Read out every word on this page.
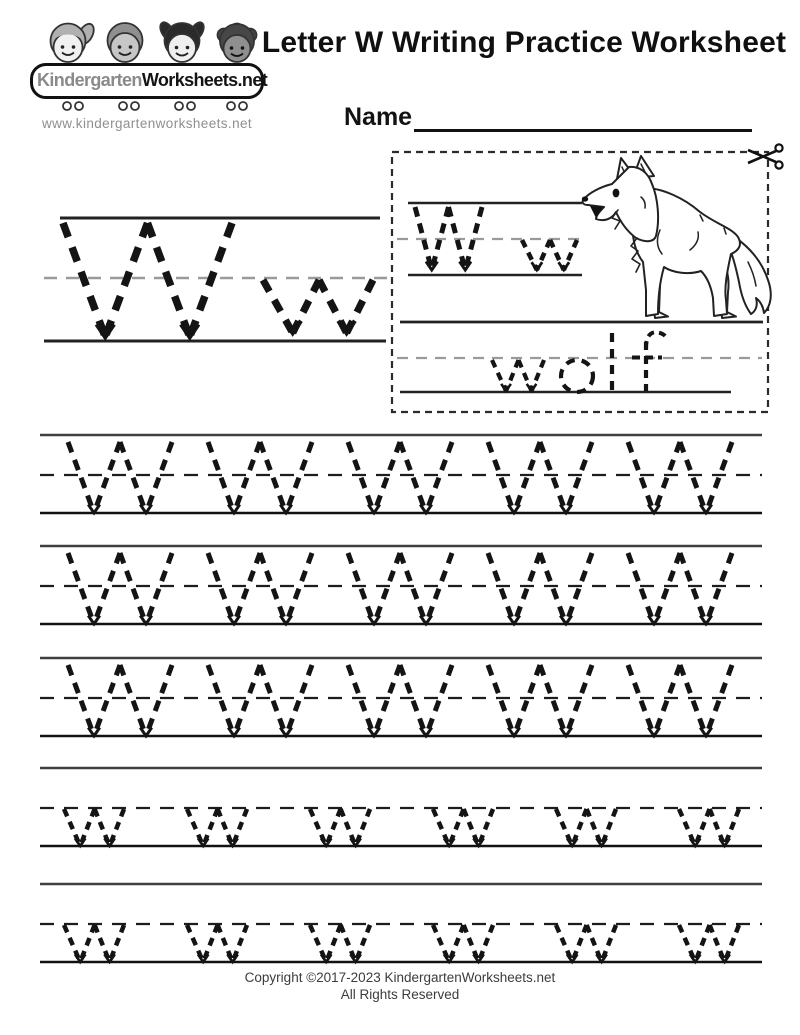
KindergartenWorksheets.net
www.kindergartenworksheets.net
Letter W Writing Practice Worksheet
Name
Copyright ©2017-2023 KindergartenWorksheets.net
All Rights Reserved
